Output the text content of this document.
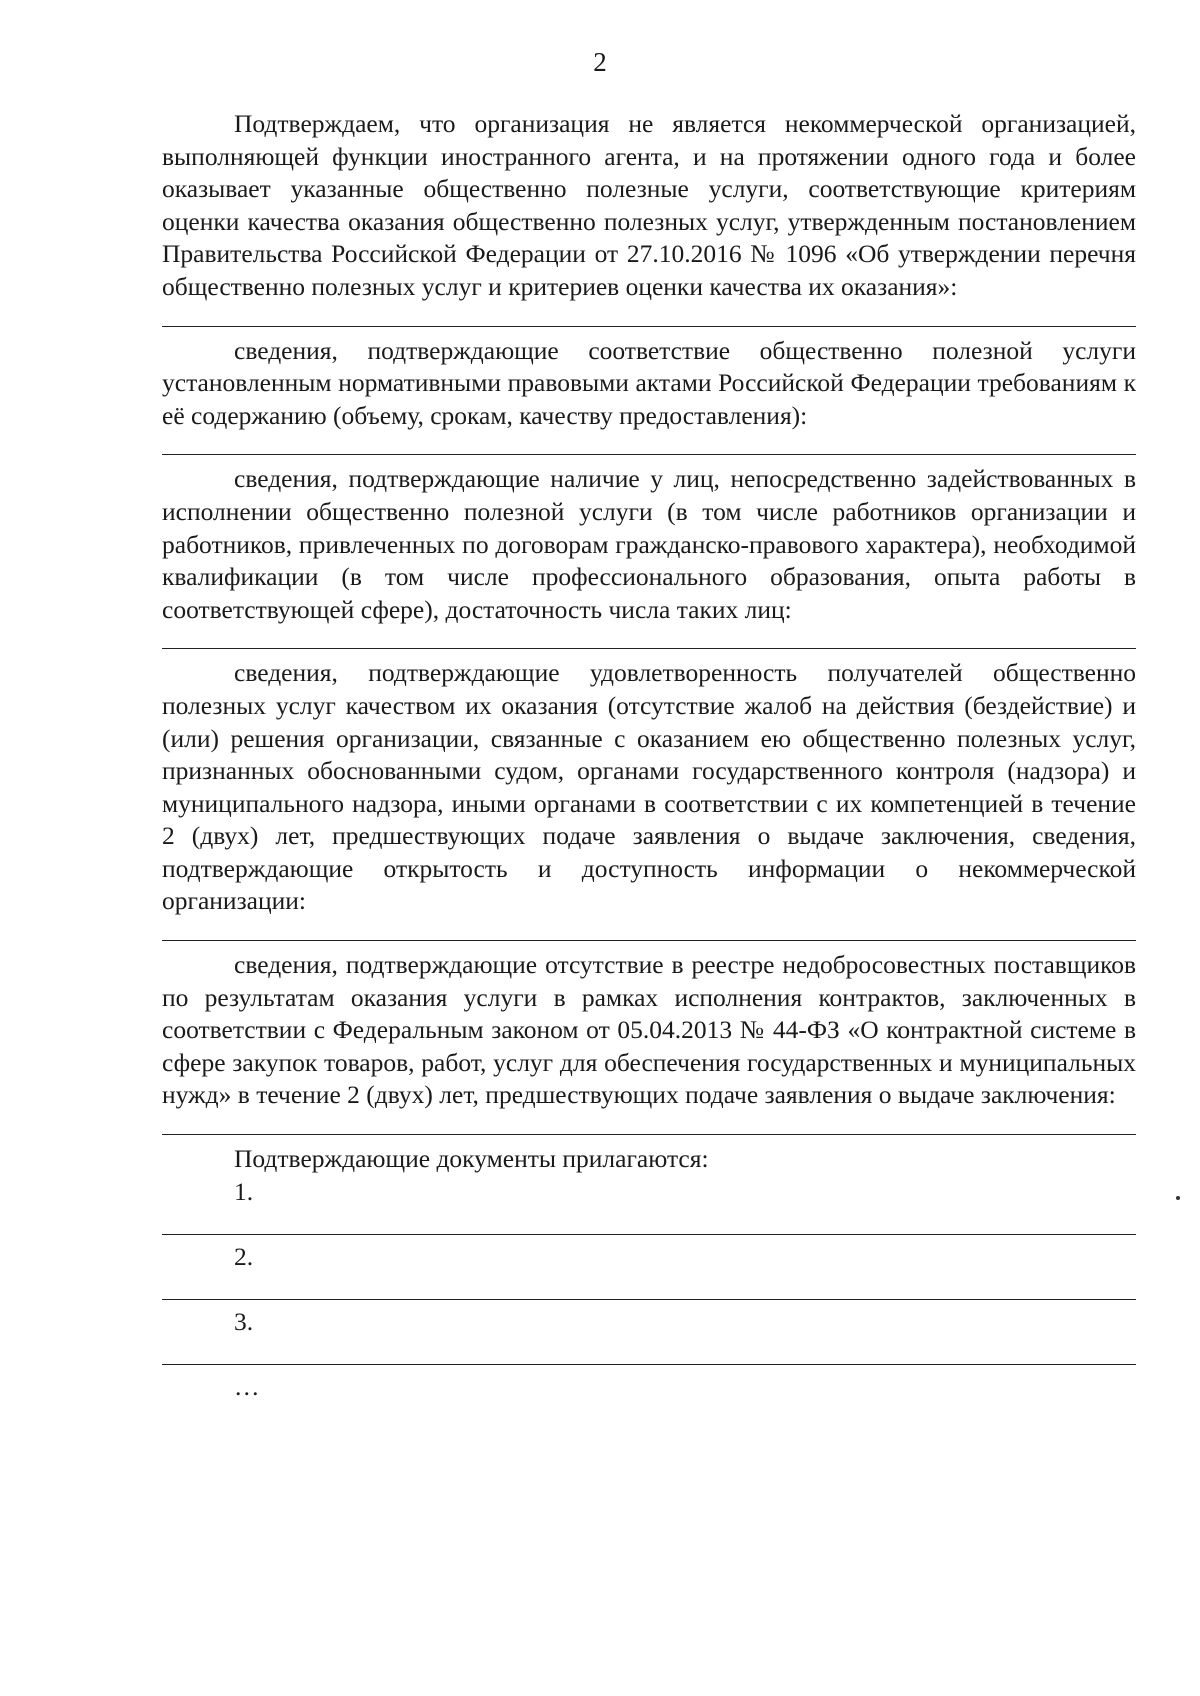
2

Подтверждаем, что организация не является некоммерческой организацией, выполняющей функции иностранного агента, и на протяжении одного года и более оказывает указанные общественно полезные услуги, соответствующие критериям оценки качества оказания общественно полезных услуг, утвержденным постановлением Правительства Российской Федерации от 27.10.2016 № 1096 «Об утверждении перечня общественно полезных услуг и критериев оценки качества их оказания»:

сведения, подтверждающие соответствие общественно полезной услуги установленным нормативными правовыми актами Российской Федерации требованиям к её содержанию (объему, срокам, качеству предоставления):

сведения, подтверждающие наличие у лиц, непосредственно задействованных в исполнении общественно полезной услуги (в том числе работников организации и работников, привлеченных по договорам гражданско-правового характера), необходимой квалификации (в том числе профессионального образования, опыта работы в соответствующей сфере), достаточность числа таких лиц:

сведения, подтверждающие удовлетворенность получателей общественно полезных услуг качеством их оказания (отсутствие жалоб на действия (бездействие) и (или) решения организации, связанные с оказанием ею общественно полезных услуг, признанных обоснованными судом, органами государственного контроля (надзора) и муниципального надзора, иными органами в соответствии с их компетенцией в течение 2 (двух) лет, предшествующих подаче заявления о выдаче заключения, сведения, подтверждающие открытость и доступность информации о некоммерческой организации:

сведения, подтверждающие отсутствие в реестре недобросовестных поставщиков по результатам оказания услуги в рамках исполнения контрактов, заключенных в соответствии с Федеральным законом от 05.04.2013 № 44-ФЗ «О контрактной системе в сфере закупок товаров, работ, услуг для обеспечения государственных и муниципальных нужд» в течение 2 (двух) лет, предшествующих подаче заявления о выдаче заключения:

Подтверждающие документы прилагаются:

1.
2.
3.
…
